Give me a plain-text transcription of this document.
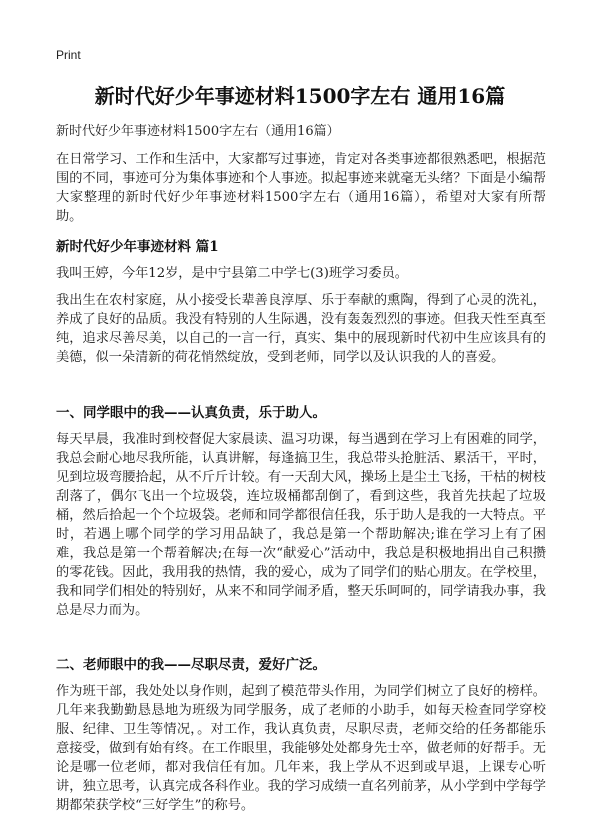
Print
新时代好少年事迹材料1500字左右 通用16篇
新时代好少年事迹材料1500字左右（通用16篇）
在日常学习、工作和生活中，大家都写过事迹，肯定对各类事迹都很熟悉吧，根据范围的不同，事迹可分为集体事迹和个人事迹。拟起事迹来就毫无头绪？下面是小编帮大家整理的新时代好少年事迹材料1500字左右（通用16篇），希望对大家有所帮助。
新时代好少年事迹材料 篇1
我叫王婷，今年12岁，是中宁县第二中学七(3)班学习委员。
我出生在农村家庭，从小接受长辈善良淳厚、乐于奉献的熏陶，得到了心灵的洗礼，养成了良好的品质。我没有特别的人生际遇，没有轰轰烈烈的事迹。但我天性至真至纯，追求尽善尽美，以自己的一言一行，真实、集中的展现新时代初中生应该具有的美德，似一朵清新的荷花悄然绽放，受到老师，同学以及认识我的人的喜爱。
一、同学眼中的我——认真负责，乐于助人。
每天早晨，我准时到校督促大家晨读、温习功课，每当遇到在学习上有困难的同学，我总会耐心地尽我所能，认真讲解，每逢搞卫生，我总带头抢脏活、累活干，平时，见到垃圾弯腰拾起，从不斤斤计较。有一天刮大风，操场上是尘土飞扬，干枯的树枝刮落了，偶尔飞出一个垃圾袋，连垃圾桶都刮倒了，看到这些，我首先扶起了垃圾桶，然后拾起一个个垃圾袋。老师和同学都很信任我，乐于助人是我的一大特点。平时，若遇上哪个同学的学习用品缺了，我总是第一个帮助解决;谁在学习上有了困难，我总是第一个帮着解决;在每一次“献爱心”活动中，我总是积极地捐出自己积攒的零花钱。因此，我用我的热情，我的爱心，成为了同学们的贴心朋友。在学校里，我和同学们相处的特别好，从来不和同学闹矛盾，整天乐呵呵的，同学请我办事，我总是尽力而为。
二、老师眼中的我——尽职尽责，爱好广泛。
作为班干部，我处处以身作则，起到了模范带头作用，为同学们树立了良好的榜样。几年来我勤勤恳恳地为班级为同学服务，成了老师的小助手，如每天检查同学穿校服、纪律、卫生等情况，。对工作，我认真负责，尽职尽责，老师交给的任务都能乐意接受，做到有始有终。在工作眼里，我能够处处都身先士卒，做老师的好帮手。无论是哪一位老师，都对我信任有加。几年来，我上学从不迟到或早退，上课专心听讲，独立思考，认真完成各科作业。我的学习成绩一直名列前茅，从小学到中学每学期都荣获学校“三好学生”的称号。
